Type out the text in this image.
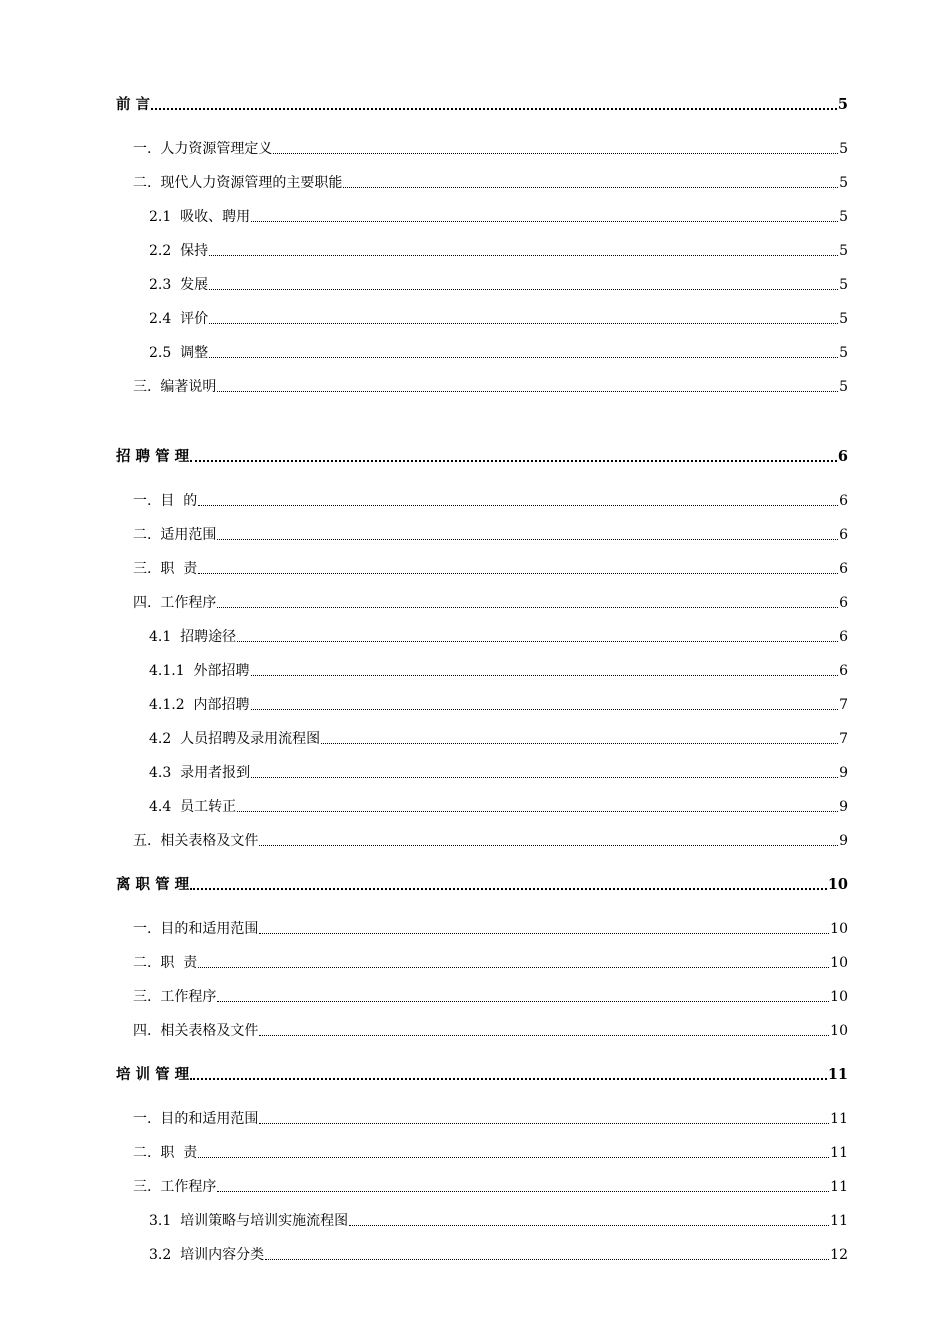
前 言	5
一.  人力资源管理定义	5
二.  现代人力资源管理的主要职能	5
2.1  吸收、聘用	5
2.2  保持	5
2.3  发展	5
2.4  评价	5
2.5  调整	5
三.  编著说明	5
招 聘 管 理	6
一.  目  的	6
二.  适用范围	6
三.  职  责	6
四.  工作程序	6
4.1  招聘途径	6
4.1.1  外部招聘	6
4.1.2  内部招聘	7
4.2  人员招聘及录用流程图	7
4.3  录用者报到	9
4.4  员工转正	9
五.  相关表格及文件	9
离 职 管 理	10
一.  目的和适用范围	10
二.  职  责	10
三.  工作程序	10
四.  相关表格及文件	10
培 训 管 理	11
一.  目的和适用范围	11
二.  职  责	11
三.  工作程序	11
3.1  培训策略与培训实施流程图	11
3.2  培训内容分类	12
